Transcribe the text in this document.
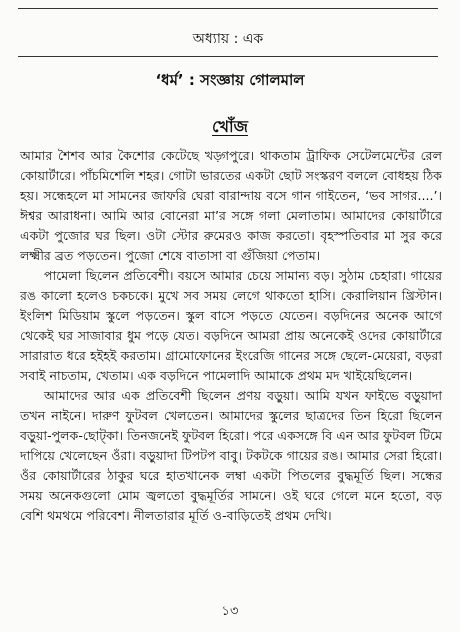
অধ্যায় : এক
‘ধর্ম’ : সংজ্ঞায় গোলমাল
খোঁজ

আমার শৈশব আর কৈশোর কেটেছে খড়্গপুরে। থাকতাম ট্রাফিক সেটেলমেন্টের রেল কোয়ার্টারে। পাঁচমিশেলি শহর। গোটা ভারতের একটা ছোট সংস্করণ বললে বোধহয় ঠিক হয়। সন্ধেহলে মা সামনের জাফরি ঘেরা বারান্দায় বসে গান গাইতেন, ‘ভব সাগর....’। ঈশ্বর আরাধনা। আমি আর বোনেরা মা’র সঙ্গে গলা মেলাতাম। আমাদের কোয়ার্টারে একটা পুজোর ঘর ছিল। ওটা স্টোর রুমেরও কাজ করতো। বৃহস্পতিবার মা সুর করে লক্ষ্মীর ব্রত পড়তেন। পুজো শেষে বাতাসা বা গুঁজিয়া পেতাম।

পামেলা ছিলেন প্রতিবেশী। বয়সে আমার চেয়ে সামান্য বড়। সুঠাম চেহারা। গায়ের রঙ কালো হলেও চকচকে। মুখে সব সময় লেগে থাকতো হাসি। কেরালিয়ান খ্রিস্টান। ইংলিশ মিডিয়াম স্কুলে পড়তেন। স্কুল বাসে পড়তে যেতেন। বড়দিনের অনেক আগে থেকেই ঘর সাজাবার ধুম পড়ে যেত। বড়দিনে আমরা প্রায় অনেকেই ওদের কোয়ার্টারে সারারাত ধরে হইহই করতাম। গ্রামোফোনের ইংরেজি গানের সঙ্গে ছেলে-মেয়েরা, বড়রা সবাই নাচতাম, খেতাম। এক বড়দিনে পামেলাদি আমাকে প্রথম মদ খাইয়েছিলেন।

আমাদের আর এক প্রতিবেশী ছিলেন প্রণয় বড়ুয়া। আমি যখন ফাইভে বড়ুয়াদা তখন নাইনে। দারুণ ফুটবল খেলতেন। আমাদের স্কুলের ছাত্রদের তিন হিরো ছিলেন বড়ুয়া-পুলক-ছোট্কা। তিনজনেই ফুটবল হিরো। পরে একসঙ্গে বি এন আর ফুটবল টিমে দাপিয়ে খেলেছেন ওঁরা। বড়ুয়াদা টিপটপ বাবু। টকটকে গায়ের রঙ। আমার সেরা হিরো। ওঁর কোয়ার্টারের ঠাকুর ঘরে হাতখানেক লম্বা একটা পিতলের বুদ্ধমূর্তি ছিল। সন্ধের সময় অনেকগুলো মোম জ্বলতো বুদ্ধমূর্তির সামনে। ওই ঘরে গেলে মনে হতো, বড় বেশি থমথমে পরিবেশ। নীলতারার মূর্তি ও-বাড়িতেই প্রথম দেখি।

১৩
